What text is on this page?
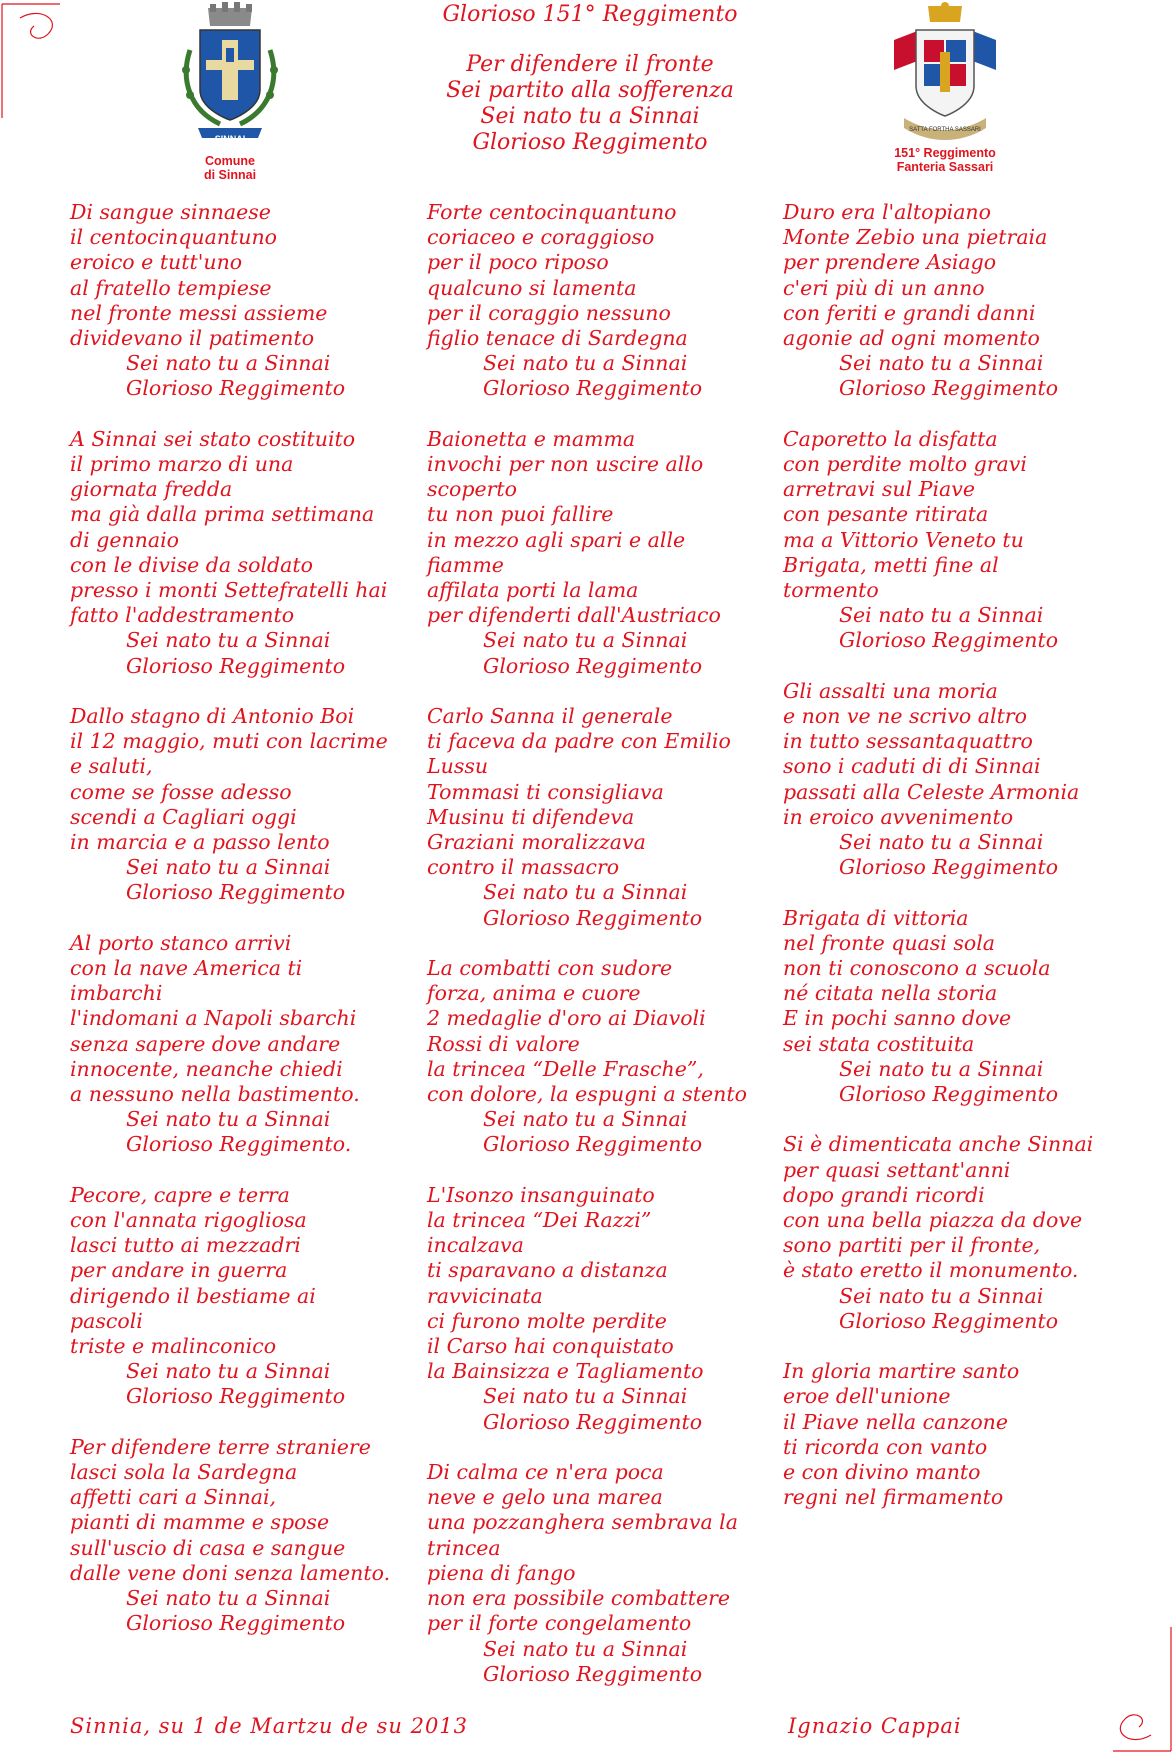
SINNAI
Comune
di Sinnai
Glorioso 151° Reggimento
Per difendere il fronte
Sei partito alla sofferenza
Sei nato tu a Sinnai
Glorioso Reggimento	SATTA FORTHA SASSARI
151° Reggimento
Fanteria Sassari
Di sangue sinnaese
il centocinquantuno
eroico e tutt'uno
al fratello tempiese
nel fronte messi assieme
dividevano il patimento
Sei nato tu a Sinnai
Glorioso Reggimento
A Sinnai sei stato costituito
il primo marzo di una
giornata fredda
ma già dalla prima settimana
di gennaio
con le divise da soldato
presso i monti Settefratelli hai
fatto l'addestramento
Sei nato tu a Sinnai
Glorioso Reggimento
Dallo stagno di Antonio Boi
il 12 maggio, muti con lacrime
e saluti,
come se fosse adesso
scendi a Cagliari oggi
in marcia e a passo lento
Sei nato tu a Sinnai
Glorioso Reggimento
Al porto stanco arrivi
con la nave America ti
imbarchi
l'indomani a Napoli sbarchi
senza sapere dove andare
innocente, neanche chiedi
a nessuno nella bastimento.
Sei nato tu a Sinnai
Glorioso Reggimento.
Pecore, capre e terra
con l'annata rigogliosa
lasci tutto ai mezzadri
per andare in guerra
dirigendo il bestiame ai
pascoli
triste e malinconico
Sei nato tu a Sinnai
Glorioso Reggimento
Per difendere terre straniere
lasci sola la Sardegna
affetti cari a Sinnai,
pianti di mamme e spose
sull'uscio di casa e sangue
dalle vene doni senza lamento.
Sei nato tu a Sinnai
Glorioso Reggimento
Forte centocinquantuno
coriaceo e coraggioso
per il poco riposo
qualcuno si lamenta
per il coraggio nessuno
figlio tenace di Sardegna
Sei nato tu a Sinnai
Glorioso Reggimento
Baionetta e mamma
invochi per non uscire allo
scoperto
tu non puoi fallire
in mezzo agli spari e alle
fiamme
affilata porti la lama
per difenderti dall'Austriaco
Sei nato tu a Sinnai
Glorioso Reggimento
Carlo Sanna il generale
ti faceva da padre con Emilio
Lussu
Tommasi ti consigliava
Musinu ti difendeva
Graziani moralizzava
contro il massacro
Sei nato tu a Sinnai
Glorioso Reggimento
La combatti con sudore
forza, anima e cuore
2 medaglie d'oro ai Diavoli
Rossi di valore
la trincea “Delle Frasche”,
con dolore, la espugni a stento
Sei nato tu a Sinnai
Glorioso Reggimento
L'Isonzo insanguinato
la trincea “Dei Razzi”
incalzava
ti sparavano a distanza
ravvicinata
ci furono molte perdite
il Carso hai conquistato
la Bainsizza e Tagliamento
Sei nato tu a Sinnai
Glorioso Reggimento
Di calma ce n'era poca
neve e gelo una marea
una pozzanghera sembrava la
trincea
piena di fango
non era possibile combattere
per il forte congelamento
Sei nato tu a Sinnai
Glorioso Reggimento
Duro era l'altopiano
Monte Zebio una pietraia
per prendere Asiago
c'eri più di un anno
con feriti e grandi danni
agonie ad ogni momento
Sei nato tu a Sinnai
Glorioso Reggimento
Caporetto la disfatta
con perdite molto gravi
arretravi sul Piave
con pesante ritirata
ma a Vittorio Veneto tu
Brigata, metti fine al
tormento
Sei nato tu a Sinnai
Glorioso Reggimento
Gli assalti una moria
e non ve ne scrivo altro
in tutto sessantaquattro
sono i caduti di di Sinnai
passati alla Celeste Armonia
in eroico avvenimento
Sei nato tu a Sinnai
Glorioso Reggimento
Brigata di vittoria
nel fronte quasi sola
non ti conoscono a scuola
né citata nella storia
E in pochi sanno dove
sei stata costituita
Sei nato tu a Sinnai
Glorioso Reggimento
Si è dimenticata anche Sinnai
per quasi settant'anni
dopo grandi ricordi
con una bella piazza da dove
sono partiti per il fronte,
è stato eretto il monumento.
Sei nato tu a Sinnai
Glorioso Reggimento
In gloria martire santo
eroe dell'unione
il Piave nella canzone
ti ricorda con vanto
e con divino manto
regni nel firmamento
Sinnia, su 1 de Martzu de su 2013	Ignazio Cappai
